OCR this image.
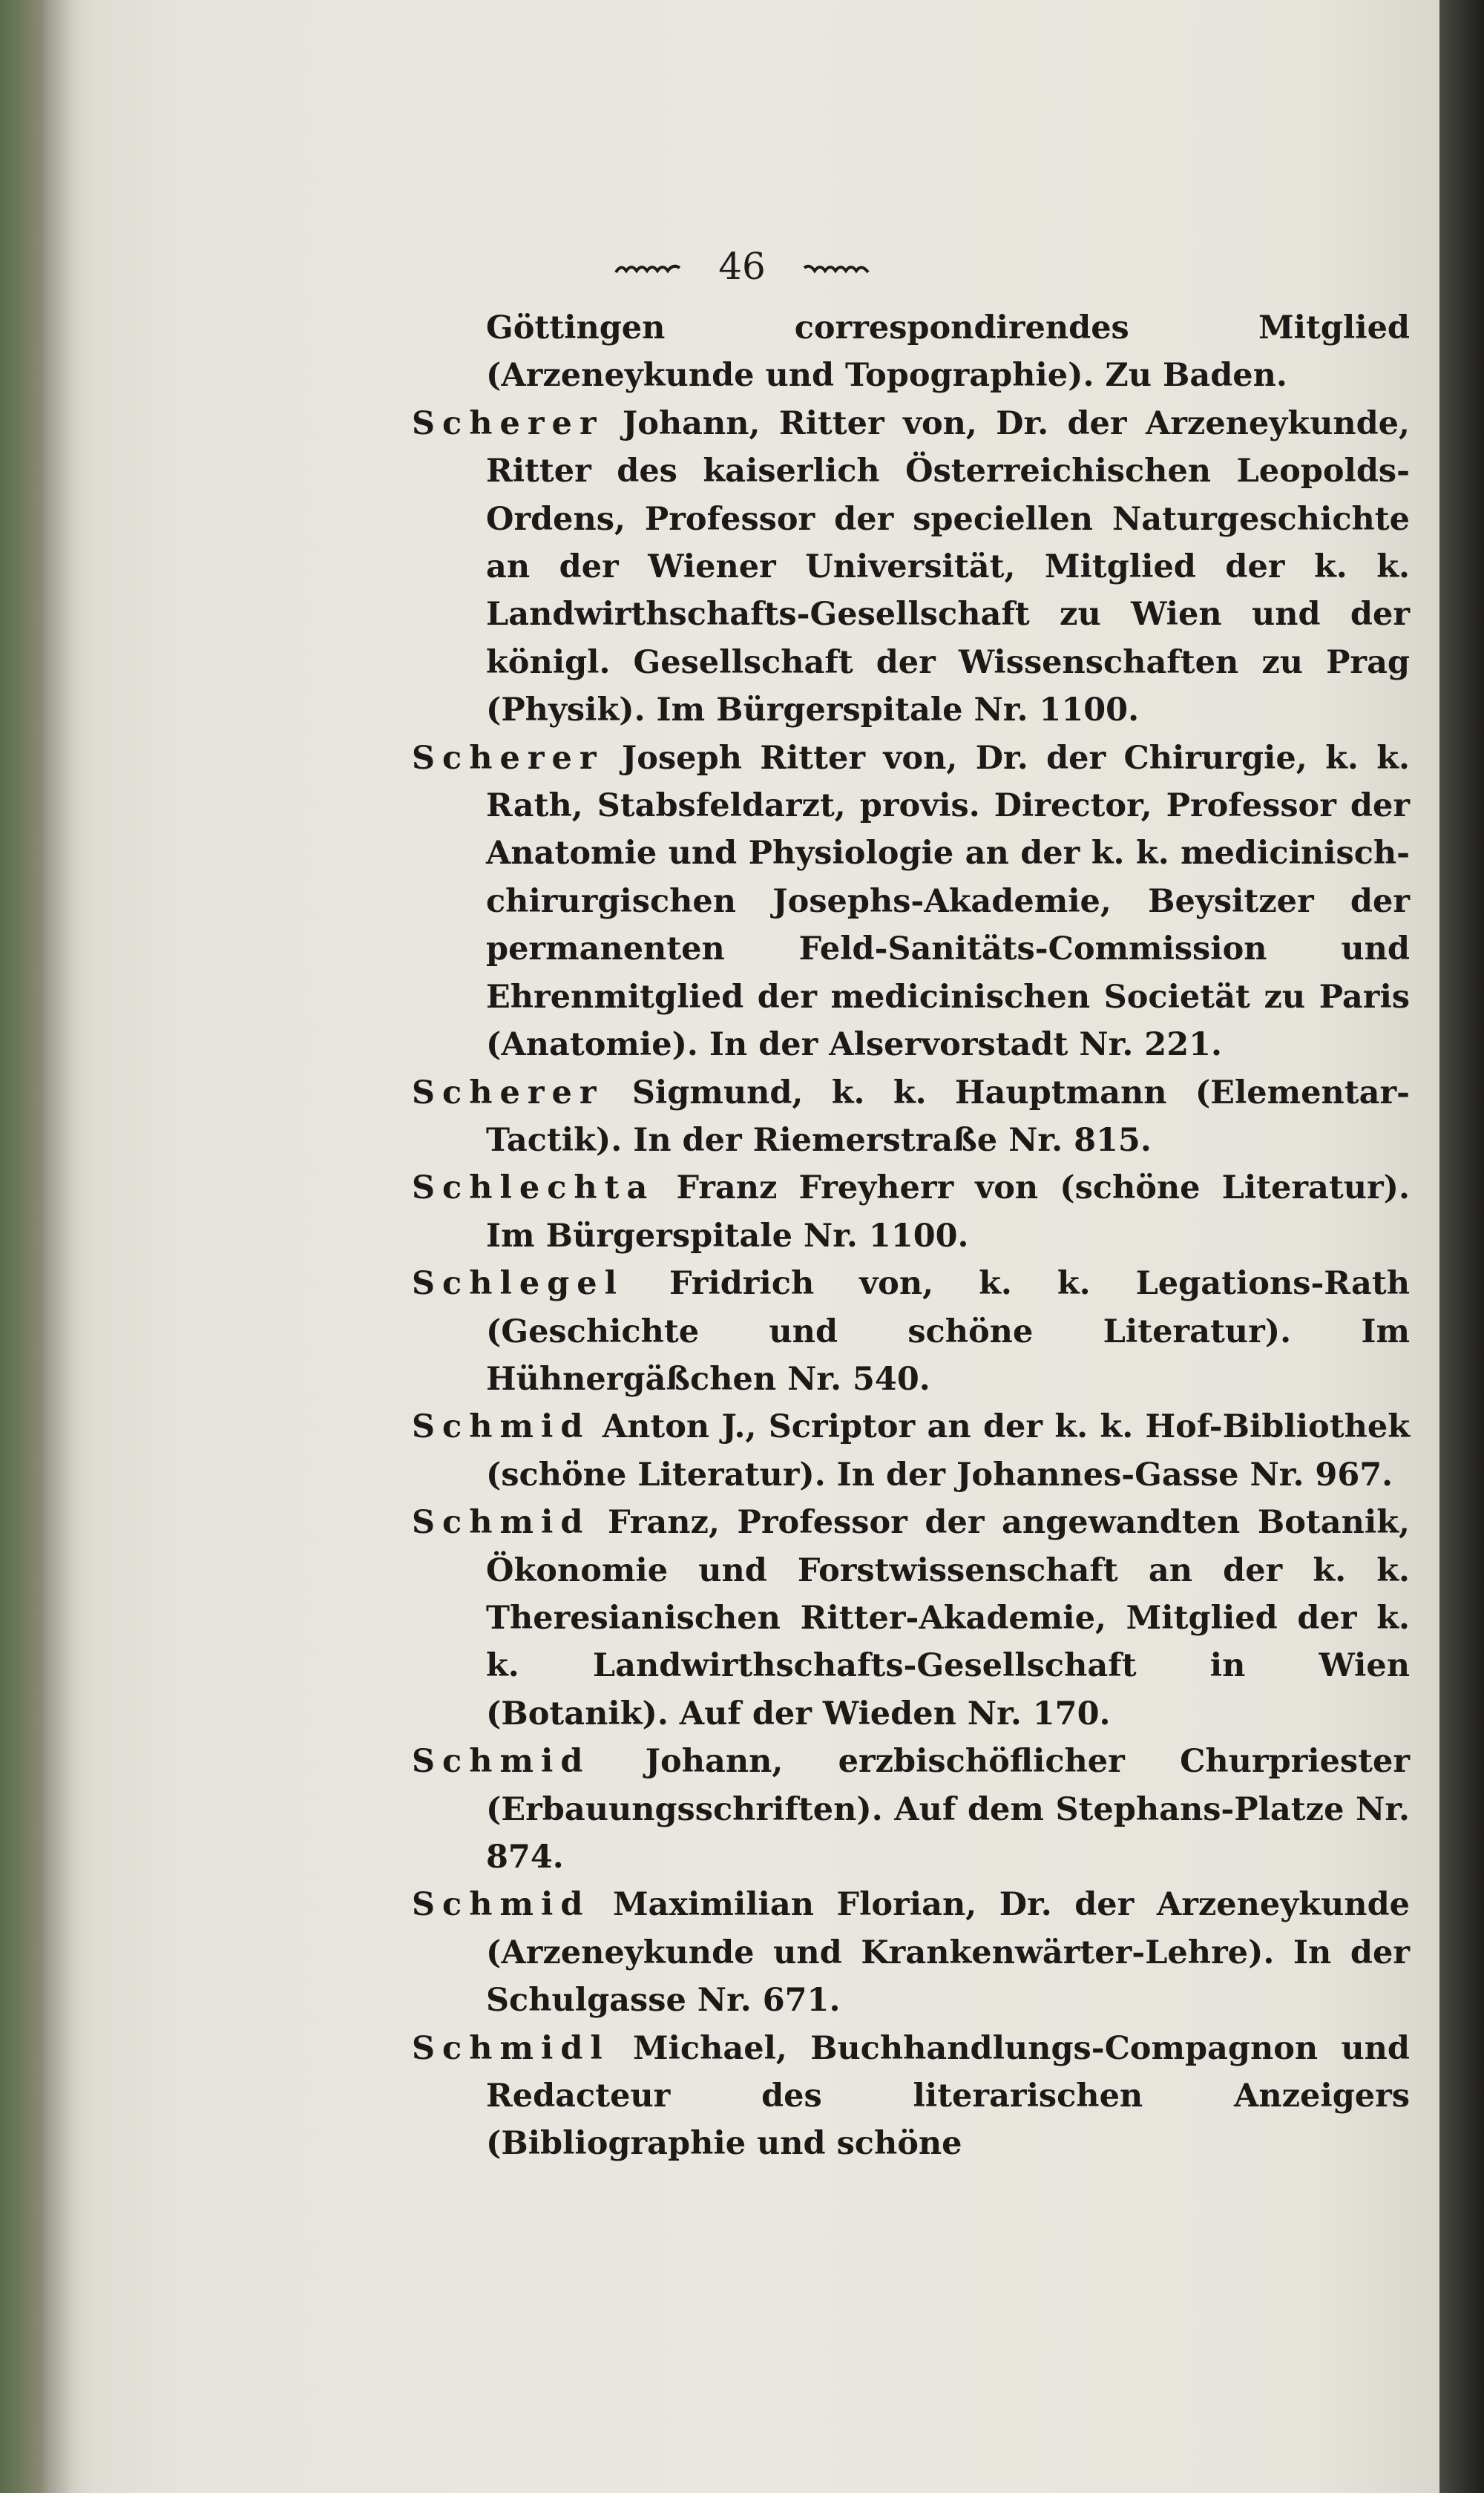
46

Göttingen correspondirendes Mitglied (Arzeneykunde und Topographie). Zu Baden.

Scherer Johann, Ritter von, Dr. der Arzeneykunde, Ritter des kaiserlich Österreichischen Leopolds-Ordens, Professor der speciellen Naturgeschichte an der Wiener Universität, Mitglied der k. k. Landwirthschafts-Gesellschaft zu Wien und der königl. Gesellschaft der Wissenschaften zu Prag (Physik). Im Bürgerspitale Nr. 1100.

Scherer Joseph Ritter von, Dr. der Chirurgie, k. k. Rath, Stabsfeldarzt, provis. Director, Professor der Anatomie und Physiologie an der k. k. medicinisch-chirurgischen Josephs-Akademie, Beysitzer der permanenten Feld-Sanitäts-Commission und Ehrenmitglied der medicinischen Societät zu Paris (Anatomie). In der Alservorstadt Nr. 221.

Scherer Sigmund, k. k. Hauptmann (Elementar-Tactik). In der Riemerstraße Nr. 815.

Schlechta Franz Freyherr von (schöne Literatur). Im Bürgerspitale Nr. 1100.

Schlegel Fridrich von, k. k. Legations-Rath (Geschichte und schöne Literatur). Im Hühnergäßchen Nr. 540.

Schmid Anton J., Scriptor an der k. k. Hof-Bibliothek (schöne Literatur). In der Johannes-Gasse Nr. 967.

Schmid Franz, Professor der angewandten Botanik, Ökonomie und Forstwissenschaft an der k. k. Theresianischen Ritter-Akademie, Mitglied der k. k. Landwirthschafts-Gesellschaft in Wien (Botanik). Auf der Wieden Nr. 170.

Schmid Johann, erzbischöflicher Churpriester (Erbauungsschriften). Auf dem Stephans-Platze Nr. 874.

Schmid Maximilian Florian, Dr. der Arzeneykunde (Arzeneykunde und Krankenwärter-Lehre). In der Schulgasse Nr. 671.

Schmidl Michael, Buchhandlungs-Compagnon und Redacteur des literarischen Anzeigers (Bibliographie und schöne
